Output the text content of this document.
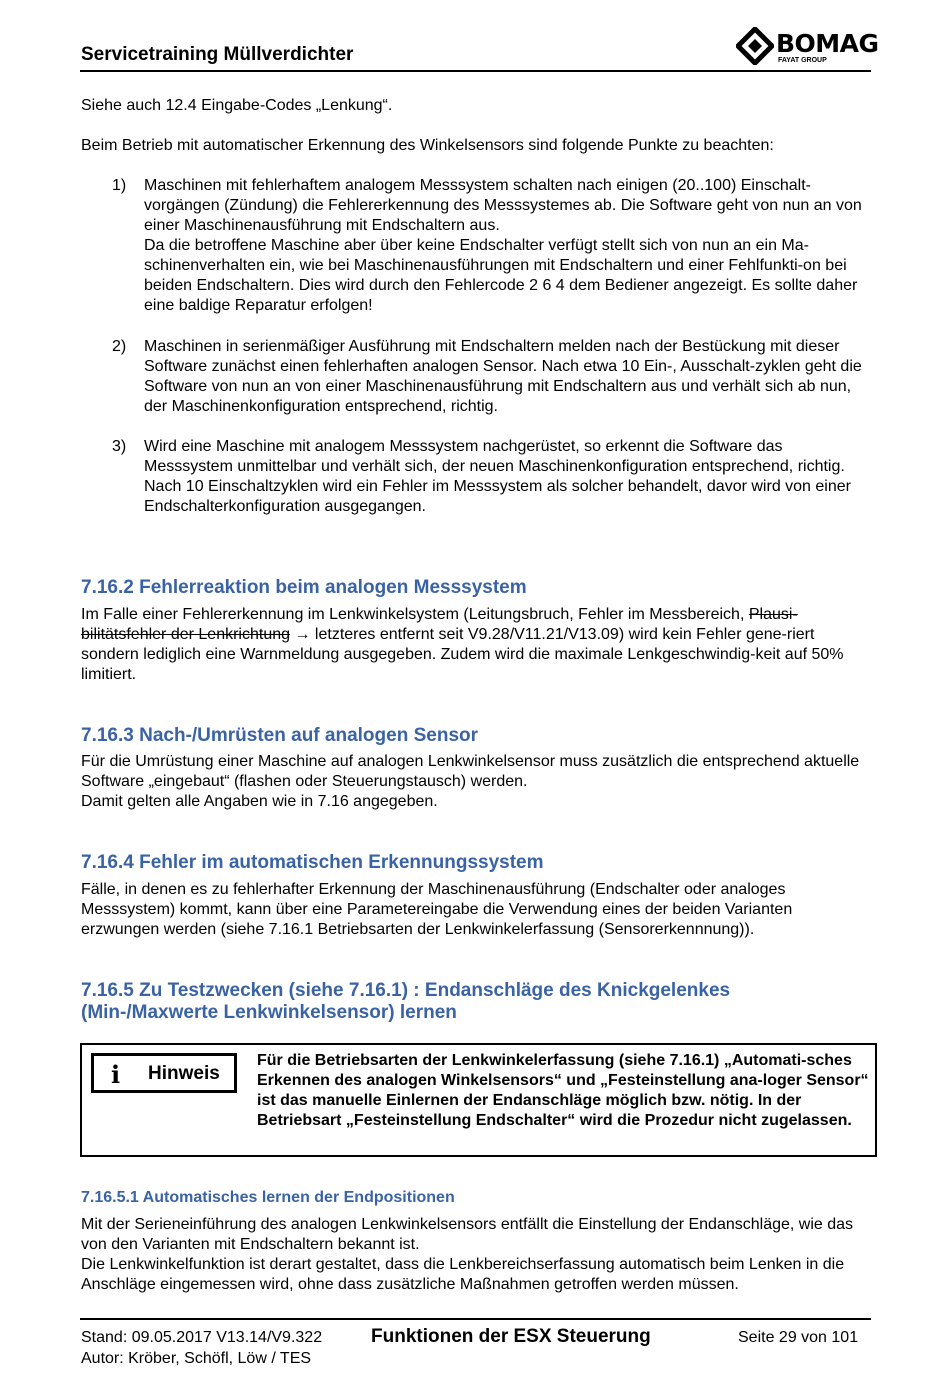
Servicetraining Müllverdichter	BOMAG
FAYAT GROUP
Siehe auch 12.4 Eingabe-Codes „Lenkung“.
Beim Betrieb mit automatischer Erkennung des Winkelsensors sind folgende Punkte zu beachten:
1) Maschinen mit fehlerhaftem analogem Messsystem schalten nach einigen (20..100) Einschalt-vorgängen (Zündung) die Fehlererkennung des Messsystemes ab. Die Software geht von nun an von einer Maschinenausführung mit Endschaltern aus.
Da die betroffene Maschine aber über keine Endschalter verfügt stellt sich von nun an ein Ma-schinenverhalten ein, wie bei Maschinenausführungen mit Endschaltern und einer Fehlfunkti-on bei beiden Endschaltern. Dies wird durch den Fehlercode 2 6 4 dem Bediener angezeigt. Es sollte daher eine baldige Reparatur erfolgen!
2) Maschinen in serienmäßiger Ausführung mit Endschaltern melden nach der Bestückung mit dieser Software zunächst einen fehlerhaften analogen Sensor. Nach etwa 10 Ein-, Ausschalt-zyklen geht die Software von nun an von einer Maschinenausführung mit Endschaltern aus und verhält sich ab nun, der Maschinenkonfiguration entsprechend, richtig.
3) Wird eine Maschine mit analogem Messsystem nachgerüstet, so erkennt die Software das Messsystem unmittelbar und verhält sich, der neuen Maschinenkonfiguration entsprechend, richtig. Nach 10 Einschaltzyklen wird ein Fehler im Messsystem als solcher behandelt, davor wird von einer Endschalterkonfiguration ausgegangen.
7.16.2 Fehlerreaktion beim analogen Messsystem
Im Falle einer Fehlererkennung im Lenkwinkelsystem (Leitungsbruch, Fehler im Messbereich, Plausi-bilitätsfehler der Lenkrichtung → letzteres entfernt seit V9.28/V11.21/V13.09) wird kein Fehler gene-riert sondern lediglich eine Warnmeldung ausgegeben. Zudem wird die maximale Lenkgeschwindig-keit auf 50% limitiert.
7.16.3 Nach-/Umrüsten auf analogen Sensor
Für die Umrüstung einer Maschine auf analogen Lenkwinkelsensor muss zusätzlich die entsprechend aktuelle Software „eingebaut“ (flashen oder Steuerungstausch) werden.
Damit gelten alle Angaben wie in 7.16 angegeben.
7.16.4 Fehler im automatischen Erkennungssystem
Fälle, in denen es zu fehlerhafter Erkennung der Maschinenausführung (Endschalter oder analoges Messsystem) kommt, kann über eine Parametereingabe die Verwendung eines der beiden Varianten erzwungen werden (siehe 7.16.1 Betriebsarten der Lenkwinkelerfassung (Sensorerkennnung)).
7.16.5 Zu Testzwecken (siehe 7.16.1) : Endanschläge des Knickgelenkes (Min-/Maxwerte Lenkwinkelsensor) lernen
i Hinweis
Für die Betriebsarten der Lenkwinkelerfassung (siehe 7.16.1) „Automati-sches Erkennen des analogen Winkelsensors“ und „Festeinstellung ana-loger Sensor“ ist das manuelle Einlernen der Endanschläge möglich bzw. nötig. In der Betriebsart „Festeinstellung Endschalter“ wird die Prozedur nicht zugelassen.
7.16.5.1 Automatisches lernen der Endpositionen
Mit der Serieneinführung des analogen Lenkwinkelsensors entfällt die Einstellung der Endanschläge, wie das von den Varianten mit Endschaltern bekannt ist.
Die Lenkwinkelfunktion ist derart gestaltet, dass die Lenkbereichserfassung automatisch beim Lenken in die Anschläge eingemessen wird, ohne dass zusätzliche Maßnahmen getroffen werden müssen.
Stand: 09.05.2017 V13.14/V9.322
Autor: Kröber, Schöfl, Löw / TES
Funktionen der ESX Steuerung	Seite 29 von 101
